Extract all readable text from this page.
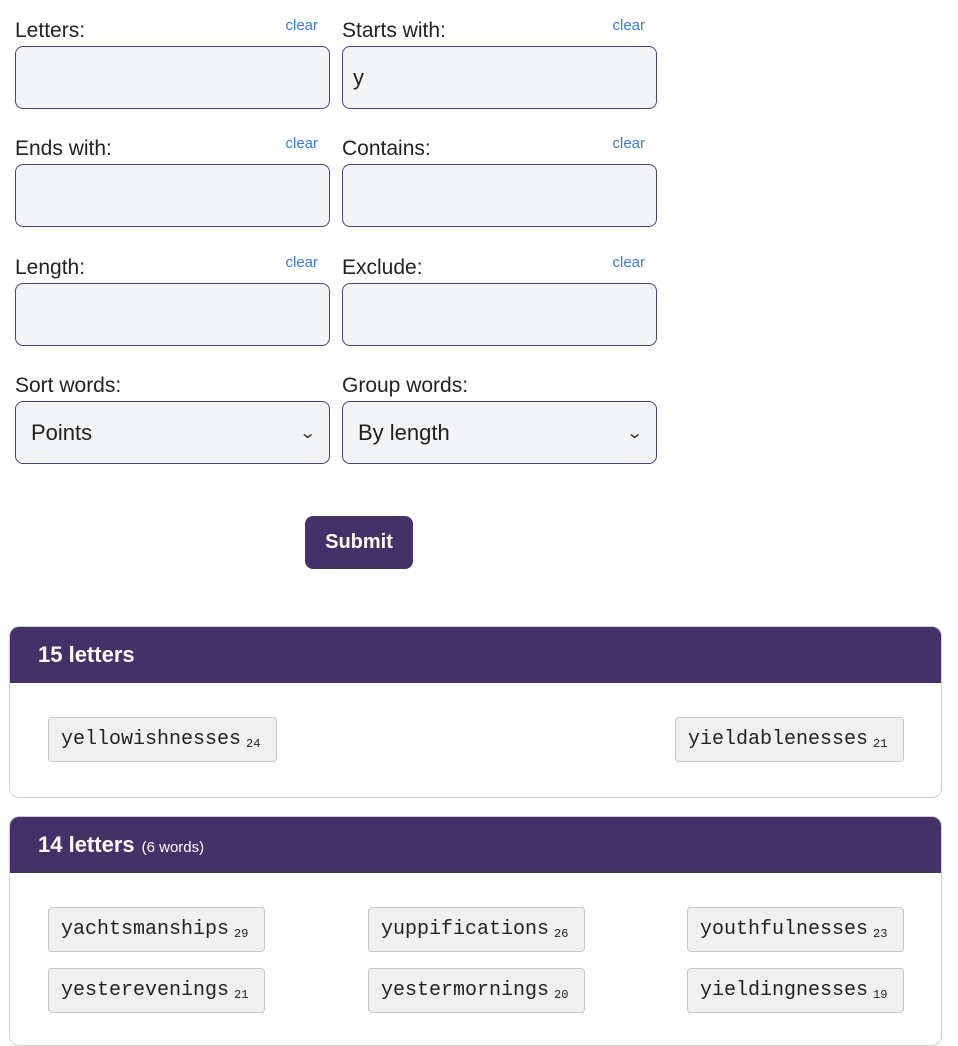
Letters:	clear Starts with:	clear
y
Ends with:	clear Contains:	clear
Length:	clear Exclude:	clear
Sort words:
Points	⌄
Group words:
By length	⌄
Submit
15 letters
yellowishnesses $_{24}$	yieldablenesses $_{21}$
14 letters (6 words)
yachtsmanships $_{29}$	yuppifications $_{26}$	youthfulnesses $_{23}$
yesterevenings $_{21}$	yestermornings $_{20}$	yieldingnesses $_{19}$
